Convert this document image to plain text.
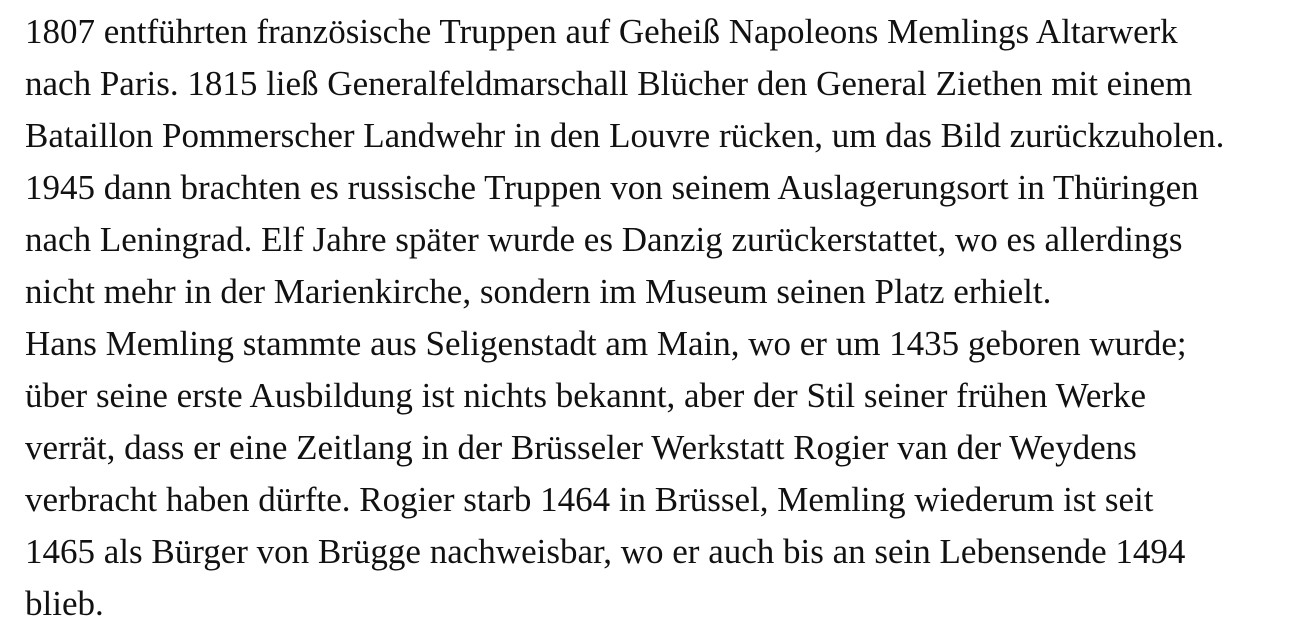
1807 entführten französische Truppen auf Geheiß Napoleons Memlings Altarwerk
nach Paris. 1815 ließ Generalfeldmarschall Blücher den General Ziethen mit einem
Bataillon Pommerscher Landwehr in den Louvre rücken, um das Bild zurückzuholen.
1945 dann brachten es russische Truppen von seinem Auslagerungsort in Thüringen
nach Leningrad. Elf Jahre später wurde es Danzig zurückerstattet, wo es allerdings
nicht mehr in der Marienkirche, sondern im Museum seinen Platz erhielt.
Hans Memling stammte aus Seligenstadt am Main, wo er um 1435 geboren wurde;
über seine erste Ausbildung ist nichts bekannt, aber der Stil seiner frühen Werke
verrät, dass er eine Zeitlang in der Brüsseler Werkstatt Rogier van der Weydens
verbracht haben dürfte. Rogier starb 1464 in Brüssel, Memling wiederum ist seit
1465 als Bürger von Brügge nachweisbar, wo er auch bis an sein Lebensende 1494
blieb.
